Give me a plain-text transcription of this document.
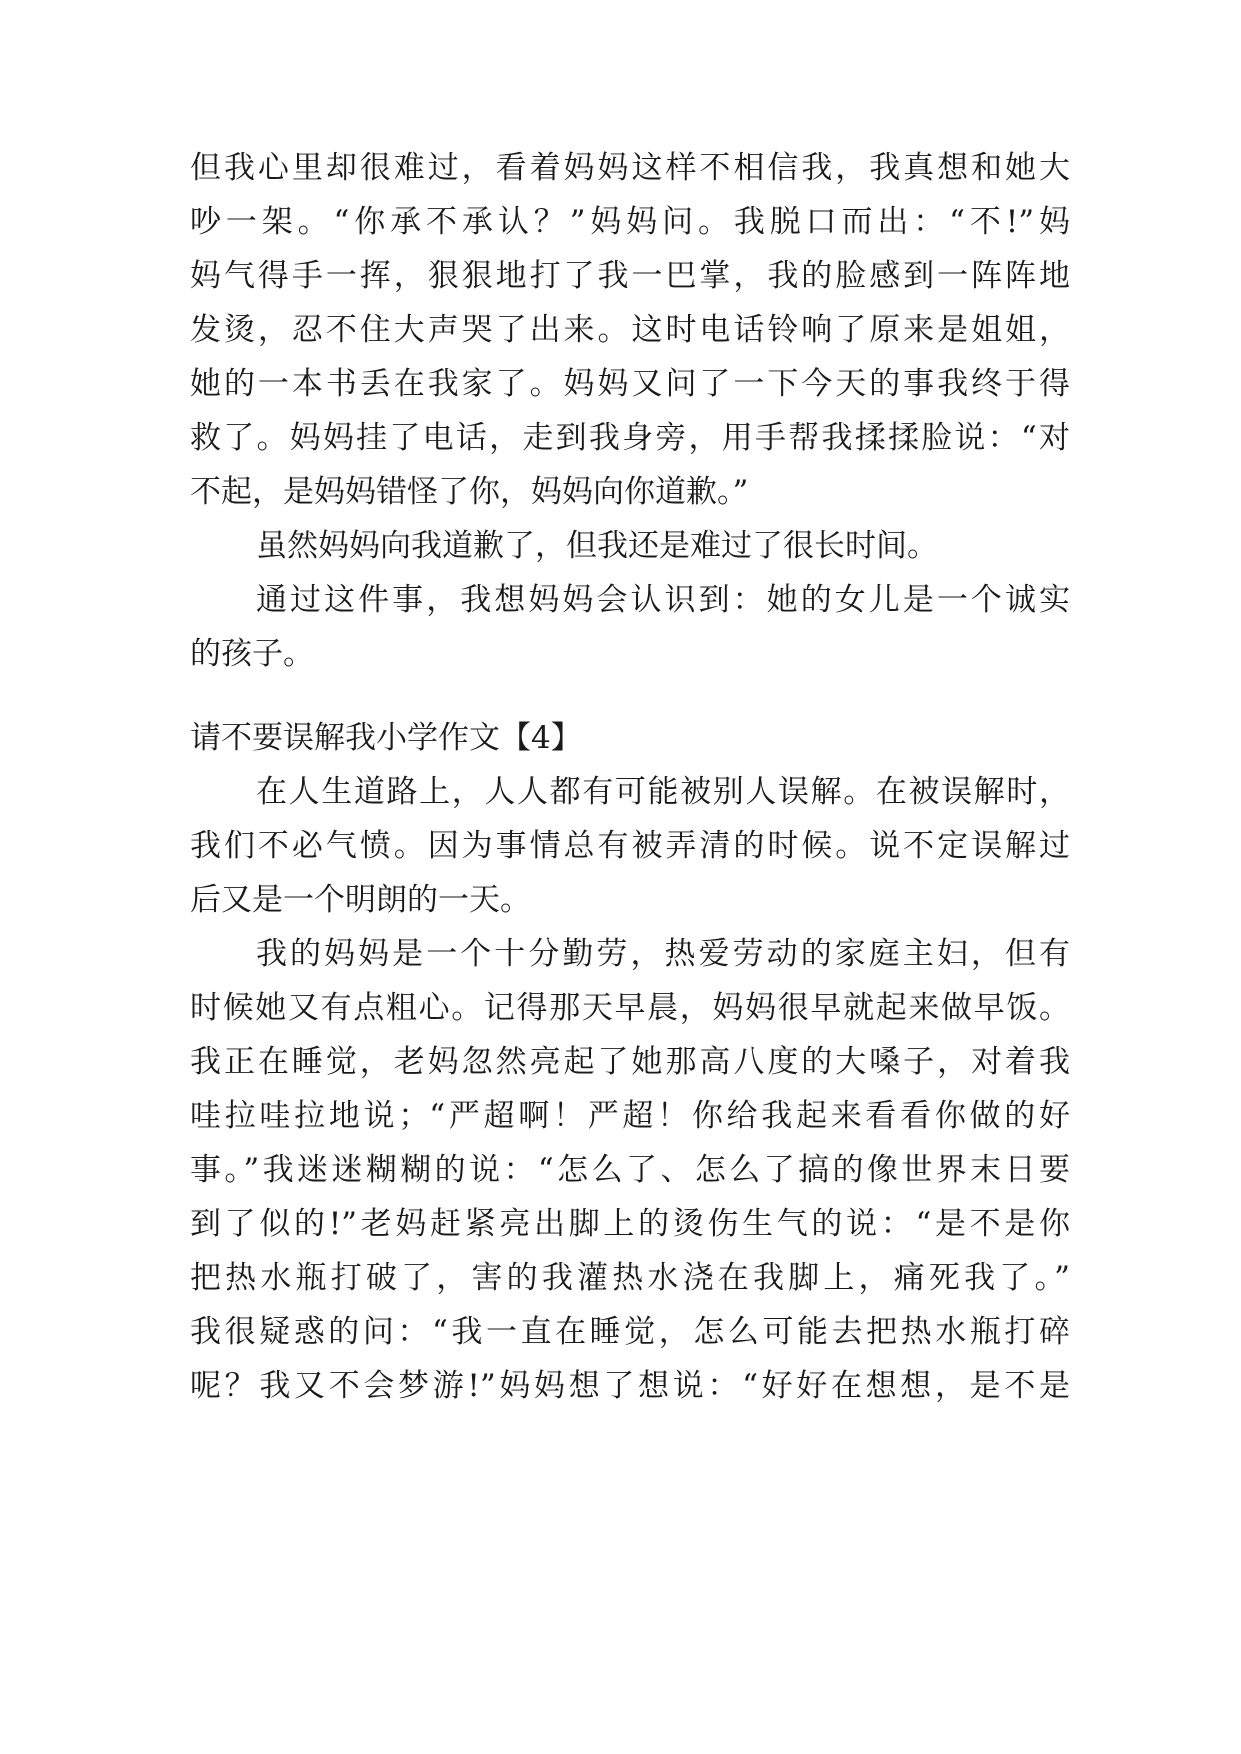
但我心里却很难过，看着妈妈这样不相信我，我真想和她大
吵一架。“你承不承认？”妈妈问。我脱口而出：“不!”妈
妈气得手一挥，狠狠地打了我一巴掌，我的脸感到一阵阵地
发烫，忍不住大声哭了出来。这时电话铃响了原来是姐姐，
她的一本书丢在我家了。妈妈又问了一下今天的事我终于得
救了。妈妈挂了电话，走到我身旁，用手帮我揉揉脸说：“对
不起，是妈妈错怪了你，妈妈向你道歉。”
虽然妈妈向我道歉了，但我还是难过了很长时间。
通过这件事，我想妈妈会认识到：她的女儿是一个诚实
的孩子。
请不要误解我小学作文【4】
在人生道路上，人人都有可能被别人误解。在被误解时，
我们不必气愤。因为事情总有被弄清的时候。说不定误解过
后又是一个明朗的一天。
我的妈妈是一个十分勤劳，热爱劳动的家庭主妇，但有
时候她又有点粗心。记得那天早晨，妈妈很早就起来做早饭。
我正在睡觉，老妈忽然亮起了她那高八度的大嗓子，对着我
哇拉哇拉地说；“严超啊！严超！你给我起来看看你做的好
事。”我迷迷糊糊的说：“怎么了、怎么了搞的像世界末日要
到了似的!”老妈赶紧亮出脚上的烫伤生气的说：“是不是你
把热水瓶打破了，害的我灌热水浇在我脚上，痛死我了。”
我很疑惑的问：“我一直在睡觉，怎么可能去把热水瓶打碎
呢？我又不会梦游!”妈妈想了想说：“好好在想想，是不是
